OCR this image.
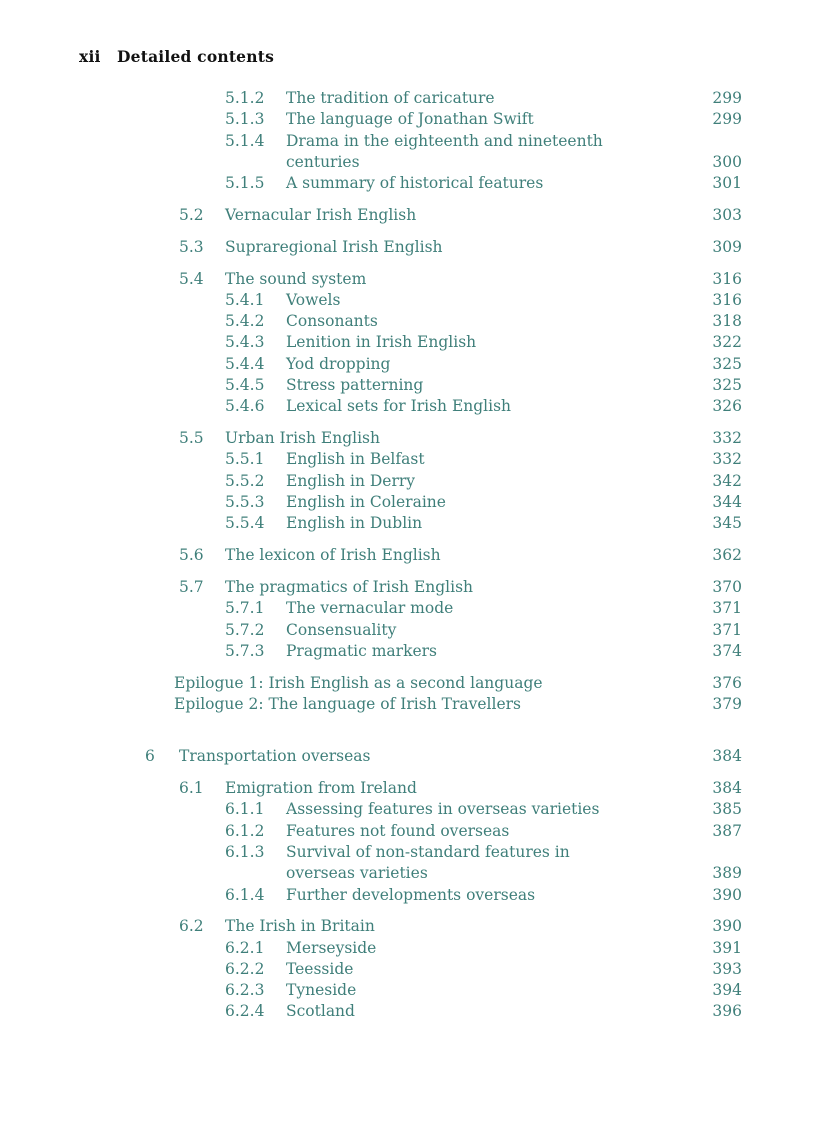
xii Detailed contents
5.1.2 The tradition of caricature	299
5.1.3 The language of Jonathan Swift	299
5.1.4 Drama in the eighteenth and nineteenth
centuries	300
5.1.5 A summary of historical features	301
5.2 Vernacular Irish English	303
5.3 Supraregional Irish English	309
5.4 The sound system	316
5.4.1 Vowels	316
5.4.2 Consonants	318
5.4.3 Lenition in Irish English	322
5.4.4 Yod dropping	325
5.4.5 Stress patterning	325
5.4.6 Lexical sets for Irish English	326
5.5 Urban Irish English	332
5.5.1 English in Belfast	332
5.5.2 English in Derry	342
5.5.3 English in Coleraine	344
5.5.4 English in Dublin	345
5.6 The lexicon of Irish English	362
5.7 The pragmatics of Irish English	370
5.7.1 The vernacular mode	371
5.7.2 Consensuality	371
5.7.3 Pragmatic markers	374
Epilogue 1: Irish English as a second language	376
Epilogue 2: The language of Irish Travellers	379
6 Transportation overseas	384
6.1 Emigration from Ireland	384
6.1.1 Assessing features in overseas varieties	385
6.1.2 Features not found overseas	387
6.1.3 Survival of non-standard features in
overseas varieties	389
6.1.4 Further developments overseas	390
6.2 The Irish in Britain	390
6.2.1 Merseyside	391
6.2.2 Teesside	393
6.2.3 Tyneside	394
6.2.4 Scotland	396
